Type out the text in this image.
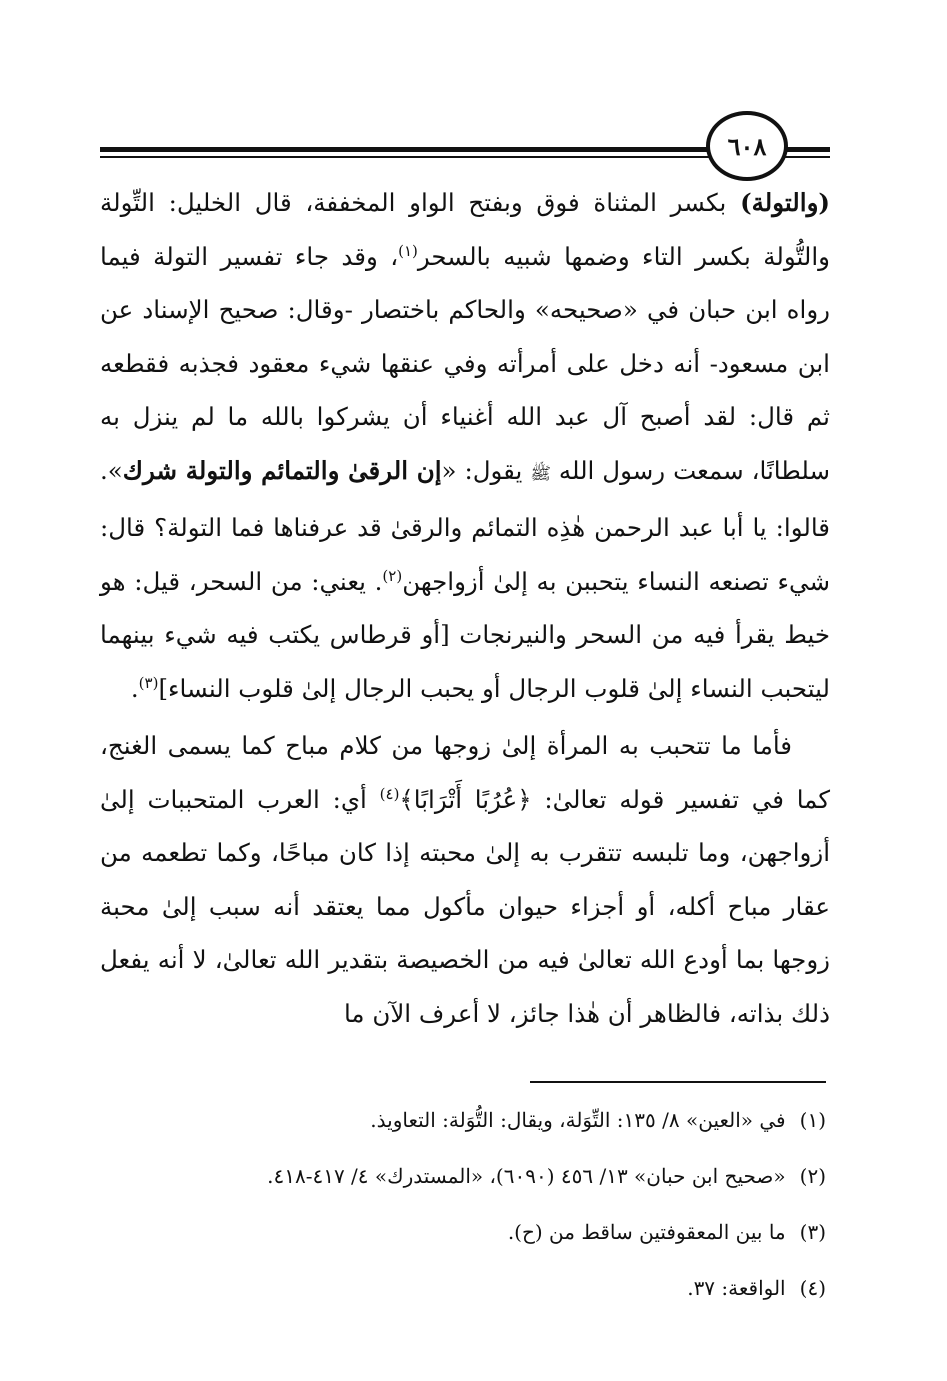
٦٠٨

(والتولة) بكسر المثناة فوق وبفتح الواو المخففة، قال الخليل: التِّولة والتُّولة بكسر التاء وضمها شبيه بالسحر$^{(١)}$، وقد جاء تفسير التولة فيما رواه ابن حبان في «صحيحه» والحاكم باختصار -وقال: صحيح الإسناد عن ابن مسعود- أنه دخل على أمرأته وفي عنقها شيء معقود فجذبه فقطعه ثم قال: لقد أصبح آل عبد الله أغنياء أن يشركوا بالله ما لم ينزل به سلطانًا، سمعت رسول الله ﷺ يقول: «إن الرقىٰ والتمائم والتولة شرك». قالوا: يا أبا عبد الرحمن هٰذِه التمائم والرقىٰ قد عرفناها فما التولة؟ قال: شيء تصنعه النساء يتحببن به إلىٰ أزواجهن$^{(٢)}$. يعني: من السحر، قيل: هو خيط يقرأ فيه من السحر والنيرنجات [أو قرطاس يكتب فيه شيء بينهما ليتحبب النساء إلىٰ قلوب الرجال أو يحبب الرجال إلىٰ قلوب النساء]$^{(٣)}$.

فأما ما تتحبب به المرأة إلىٰ زوجها من كلام مباح كما يسمى الغنج، كما في تفسير قوله تعالىٰ: ﴿عُرُبًا أَتْرَابًا﴾$^{(٤)}$ أي: العرب المتحببات إلىٰ أزواجهن، وما تلبسه تتقرب به إلىٰ محبته إذا كان مباحًا، وكما تطعمه من عقار مباح أكله، أو أجزاء حيوان مأكول مما يعتقد أنه سبب إلىٰ محبة زوجها بما أودع الله تعالىٰ فيه من الخصيصة بتقدير الله تعالىٰ، لا أنه يفعل ذلك بذاته، فالظاهر أن هٰذا جائز، لا أعرف الآن ما

(١)في «العين» ٨/ ١٣٥: التِّوَلة، ويقال: التُّوَلة: التعاويذ.

(٢)«صحيح ابن حبان» ١٣/ ٤٥٦ (٦٠٩٠)، «المستدرك» ٤/ ٤١٧-٤١٨.

(٣)ما بين المعقوفتين ساقط من (ح).

(٤)الواقعة: ٣٧.
